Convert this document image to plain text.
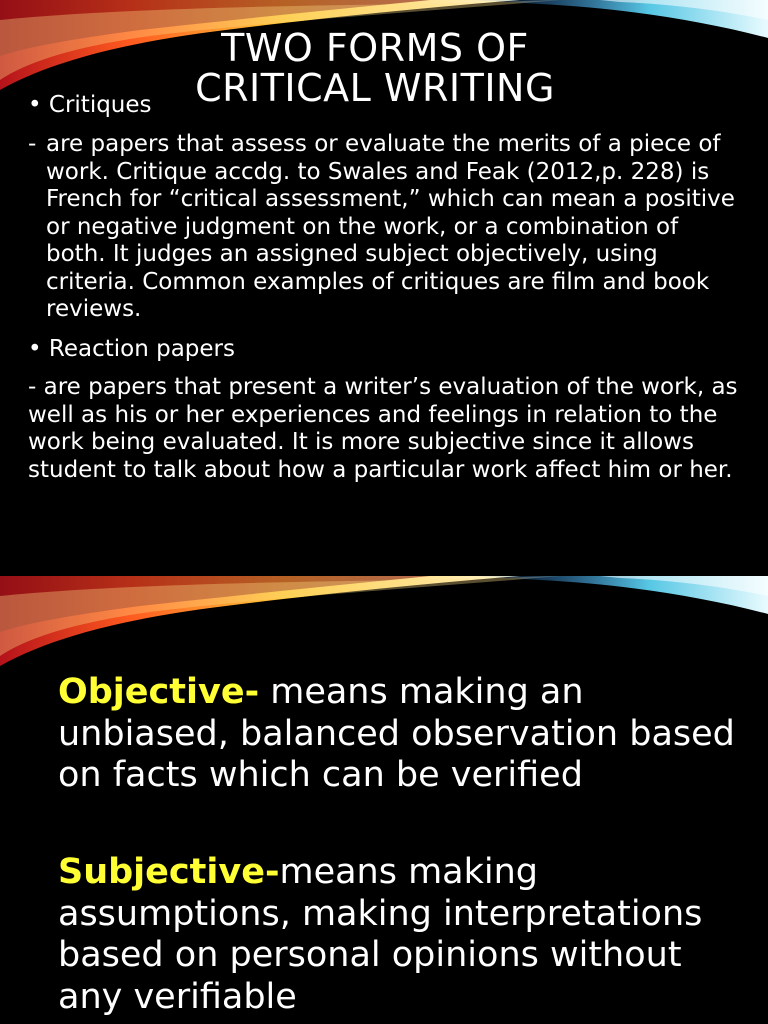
TWO FORMS OF
CRITICAL WRITING
• Critiques
- are papers that assess or evaluate the merits of a piece of work. Critique accdg. to Swales and Feak (2012,p. 228) is French for “critical assessment,” which can mean a positive or negative judgment on the work, or a combination of both. It judges an assigned subject objectively, using criteria. Common examples of critiques are film and book reviews.
• Reaction papers
- are papers that present a writer’s evaluation of the work, as well as his or her experiences and feelings in relation to the work being evaluated. It is more subjective since it allows student to talk about how a particular work affect him or her.
Objective- means making an unbiased, balanced observation based on facts which can be verified
Subjective-means making assumptions, making interpretations based on personal opinions without any verifiable
